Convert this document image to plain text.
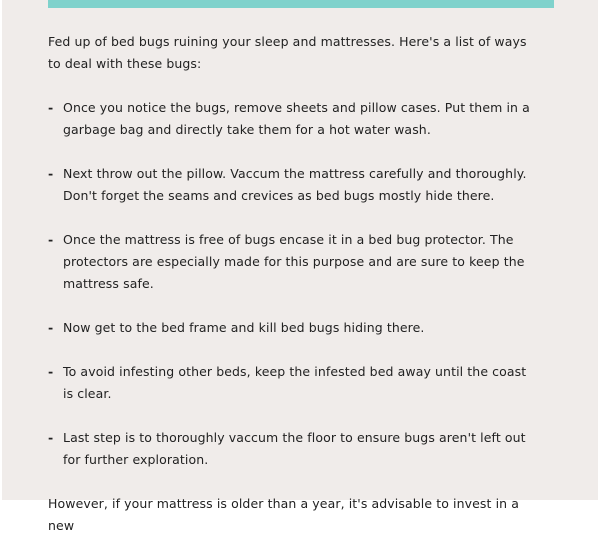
Fed up of bed bugs ruining your sleep and mattresses. Here's a list of ways to deal with these bugs:

- Once you notice the bugs, remove sheets and pillow cases. Put them in a garbage bag and directly take them for a hot water wash.
- Next throw out the pillow. Vaccum the mattress carefully and thoroughly. Don't forget the seams and crevices as bed bugs mostly hide there.
- Once the mattress is free of bugs encase it in a bed bug protector. The protectors are especially made for this purpose and are sure to keep the mattress safe.
- Now get to the bed frame and kill bed bugs hiding there.
- To avoid infesting other beds, keep the infested bed away until the coast is clear.
- Last step is to thoroughly vaccum the floor to ensure bugs aren't left out for further exploration.

However, if your mattress is older than a year, it's advisable to invest in a new
